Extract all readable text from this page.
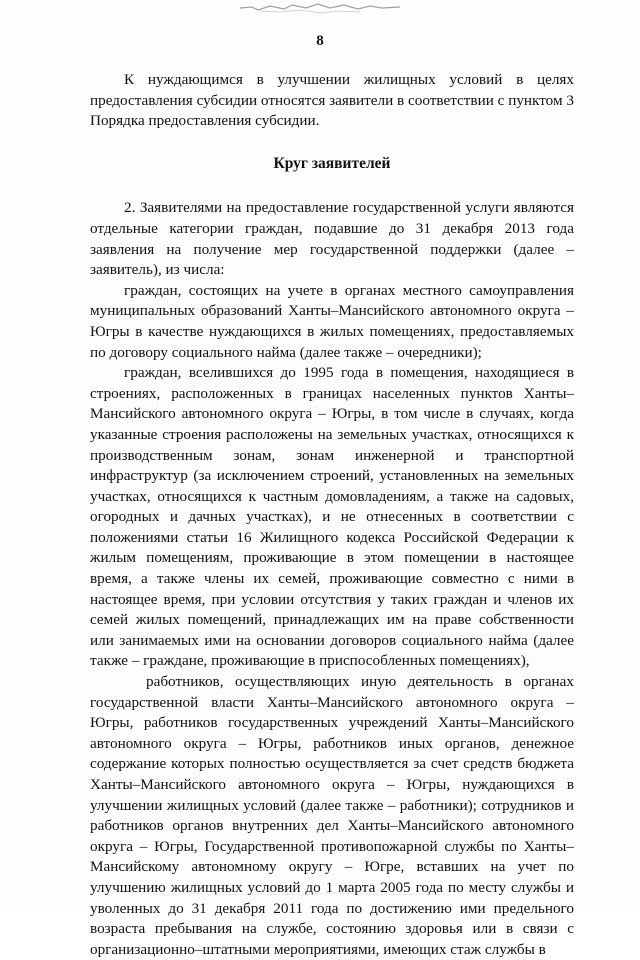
8

К нуждающимся в улучшении жилищных условий в целях предоставления субсидии относятся заявители в соответствии с пунктом 3 Порядка предоставления субсидии.

Круг заявителей

2. Заявителями на предоставление государственной услуги являются отдельные категории граждан, подавшие до 31 декабря 2013 года заявления на получение мер государственной поддержки (далее – заявитель), из числа:

граждан, состоящих на учете в органах местного самоуправления муниципальных образований Ханты–Мансийского автономного округа – Югры в качестве нуждающихся в жилых помещениях, предоставляемых по договору социального найма (далее также – очередники);

граждан, вселившихся до 1995 года в помещения, находящиеся в строениях, расположенных в границах населенных пунктов Ханты–Мансийского автономного округа – Югры, в том числе в случаях, когда указанные строения расположены на земельных участках, относящихся к производственным зонам, зонам инженерной и транспортной инфраструктур (за исключением строений, установленных на земельных участках, относящихся к частным домовладениям, а также на садовых, огородных и дачных участках), и не отнесенных в соответствии с положениями статьи 16 Жилищного кодекса Российской Федерации к жилым помещениям, проживающие в этом помещении в настоящее время, а также члены их семей, проживающие совместно с ними в настоящее время, при условии отсутствия у таких граждан и членов их семей жилых помещений, принадлежащих им на праве собственности или занимаемых ими на основании договоров социального найма (далее также – граждане, проживающие в приспособленных помещениях),

работников, осуществляющих иную деятельность в органах государственной власти Ханты–Мансийского автономного округа – Югры, работников государственных учреждений Ханты–Мансийского автономного округа – Югры, работников иных органов, денежное содержание которых полностью осуществляется за счет средств бюджета Ханты–Мансийского автономного округа – Югры, нуждающихся в улучшении жилищных условий (далее также – работники); сотрудников и работников органов внутренних дел Ханты–Мансийского автономного округа – Югры, Государственной противопожарной службы по Ханты–Мансийскому автономному округу – Югре, вставших на учет по улучшению жилищных условий до 1 марта 2005 года по месту службы и уволенных до 31 декабря 2011 года по достижению ими предельного возраста пребывания на службе, состоянию здоровья или в связи с организационно–штатными мероприятиями, имеющих стаж службы в
